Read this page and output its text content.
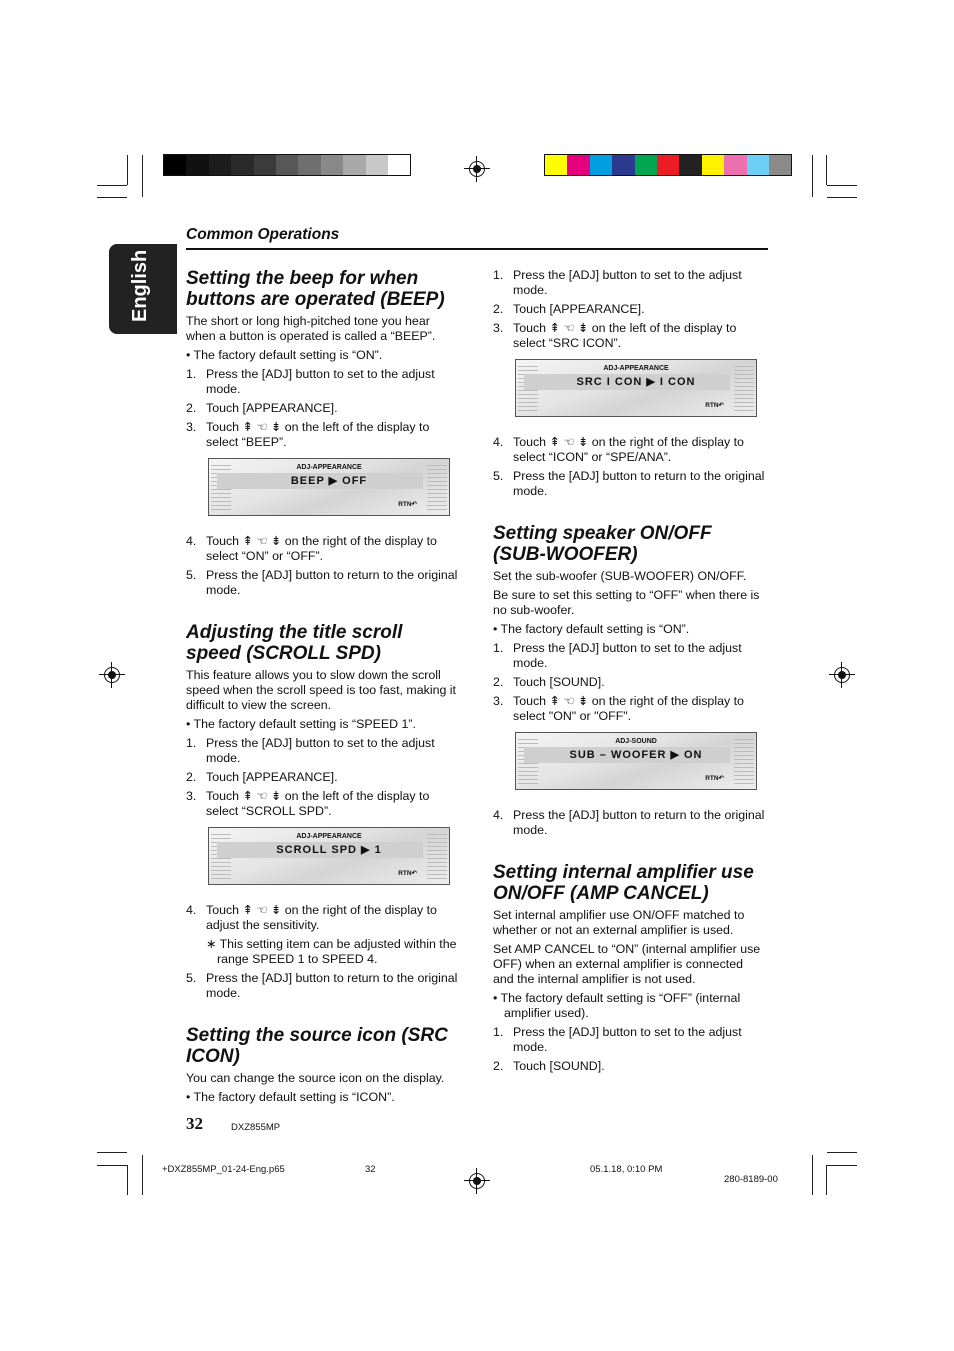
English
Common Operations
Setting the beep for when buttons are operated (BEEP)

The short or long high-pitched tone you hear when a button is operated is called a “BEEP”.

• The factory default setting is “ON”.
1. Press the [ADJ] button to set to the adjust mode.
2. Touch [APPEARANCE].
3. Touch ⇞ ☜ ⇟ on the left of the display to select “BEEP”.
ADJ-APPEARANCE
BEEP ▶ OFF
RTN↶
4. Touch ⇞ ☜ ⇟ on the right of the display to select “ON” or “OFF”.
5. Press the [ADJ] button to return to the original mode.
Adjusting the title scroll speed (SCROLL SPD)

This feature allows you to slow down the scroll speed when the scroll speed is too fast, making it difficult to view the screen.

• The factory default setting is “SPEED 1”.
1. Press the [ADJ] button to set to the adjust mode.
2. Touch [APPEARANCE].
3. Touch ⇞ ☜ ⇟ on the left of the display to select “SCROLL SPD”.
ADJ-APPEARANCE
SCROLL SPD ▶ 1
RTN↶
4. Touch ⇞ ☜ ⇟ on the right of the display to adjust the sensitivity.
∗ This setting item can be adjusted within the range SPEED 1 to SPEED 4.
5. Press the [ADJ] button to return to the original mode.
Setting the source icon (SRC ICON)

You can change the source icon on the display.

• The factory default setting is “ICON”.
1. Press the [ADJ] button to set to the adjust mode.
2. Touch [APPEARANCE].
3. Touch ⇞ ☜ ⇟ on the left of the display to select “SRC ICON”.
ADJ-APPEARANCE
SRC I CON ▶ I CON
RTN↶
4. Touch ⇞ ☜ ⇟ on the right of the display to select “ICON” or “SPE/ANA”.
5. Press the [ADJ] button to return to the original mode.
Setting speaker ON/OFF (SUB-WOOFER)

Set the sub-woofer (SUB-WOOFER) ON/OFF.

Be sure to set this setting to “OFF” when there is no sub-woofer.

• The factory default setting is “ON”.
1. Press the [ADJ] button to set to the adjust mode.
2. Touch [SOUND].
3. Touch ⇞ ☜ ⇟ on the right of the display to select "ON" or "OFF".
ADJ-SOUND
SUB – WOOFER ▶ ON
RTN↶
4. Press the [ADJ] button to return to the original mode.
Setting internal amplifier use ON/OFF (AMP CANCEL)

Set internal amplifier use ON/OFF matched to whether or not an external amplifier is used.

Set AMP CANCEL to “ON” (internal amplifier use OFF) when an external amplifier is connected and the internal amplifier is not used.

• The factory default setting is “OFF” (internal amplifier used).
1. Press the [ADJ] button to set to the adjust mode.
2. Touch [SOUND].
32	DXZ855MP
+DXZ855MP_01-24-Eng.p65	32	05.1.18, 0:10 PM
280-8189-00
